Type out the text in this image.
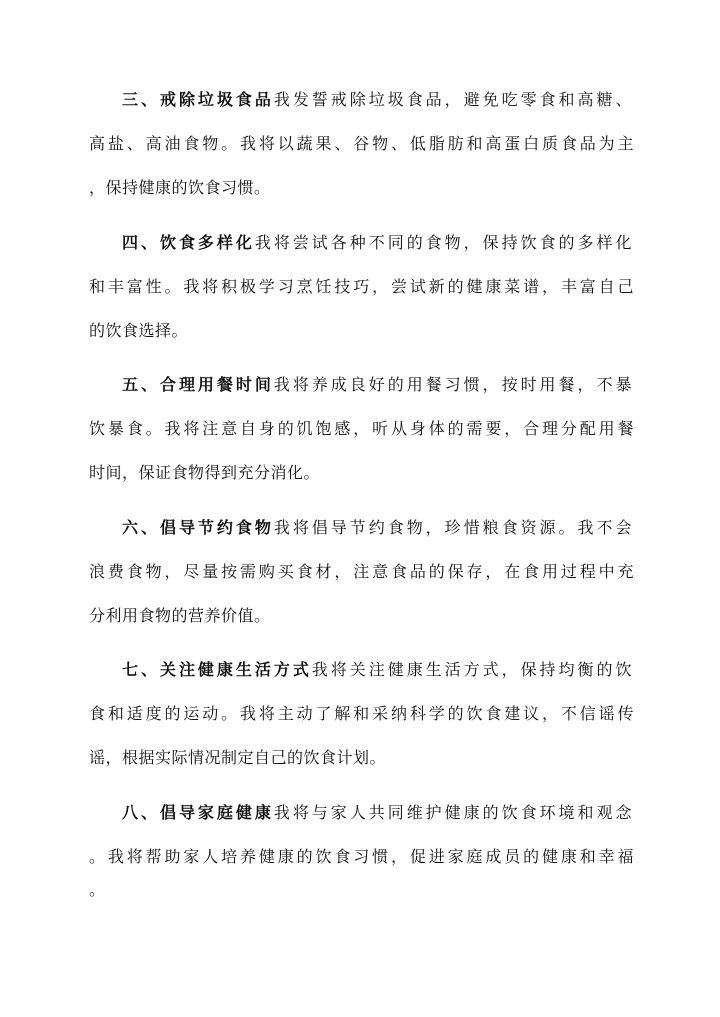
三、戒除垃圾食品我发誓戒除垃圾食品，避免吃零食和高糖、
高盐、高油食物。我将以蔬果、谷物、低脂肪和高蛋白质食品为主
，保持健康的饮食习惯。
四、饮食多样化我将尝试各种不同的食物，保持饮食的多样化
和丰富性。我将积极学习烹饪技巧，尝试新的健康菜谱，丰富自己
的饮食选择。
五、合理用餐时间我将养成良好的用餐习惯，按时用餐，不暴
饮暴食。我将注意自身的饥饱感，听从身体的需要，合理分配用餐
时间，保证食物得到充分消化。
六、倡导节约食物我将倡导节约食物，珍惜粮食资源。我不会
浪费食物，尽量按需购买食材，注意食品的保存，在食用过程中充
分利用食物的营养价值。
七、关注健康生活方式我将关注健康生活方式，保持均衡的饮
食和适度的运动。我将主动了解和采纳科学的饮食建议，不信谣传
谣，根据实际情况制定自己的饮食计划。
八、倡导家庭健康我将与家人共同维护健康的饮食环境和观念
。我将帮助家人培养健康的饮食习惯，促进家庭成员的健康和幸福
。
